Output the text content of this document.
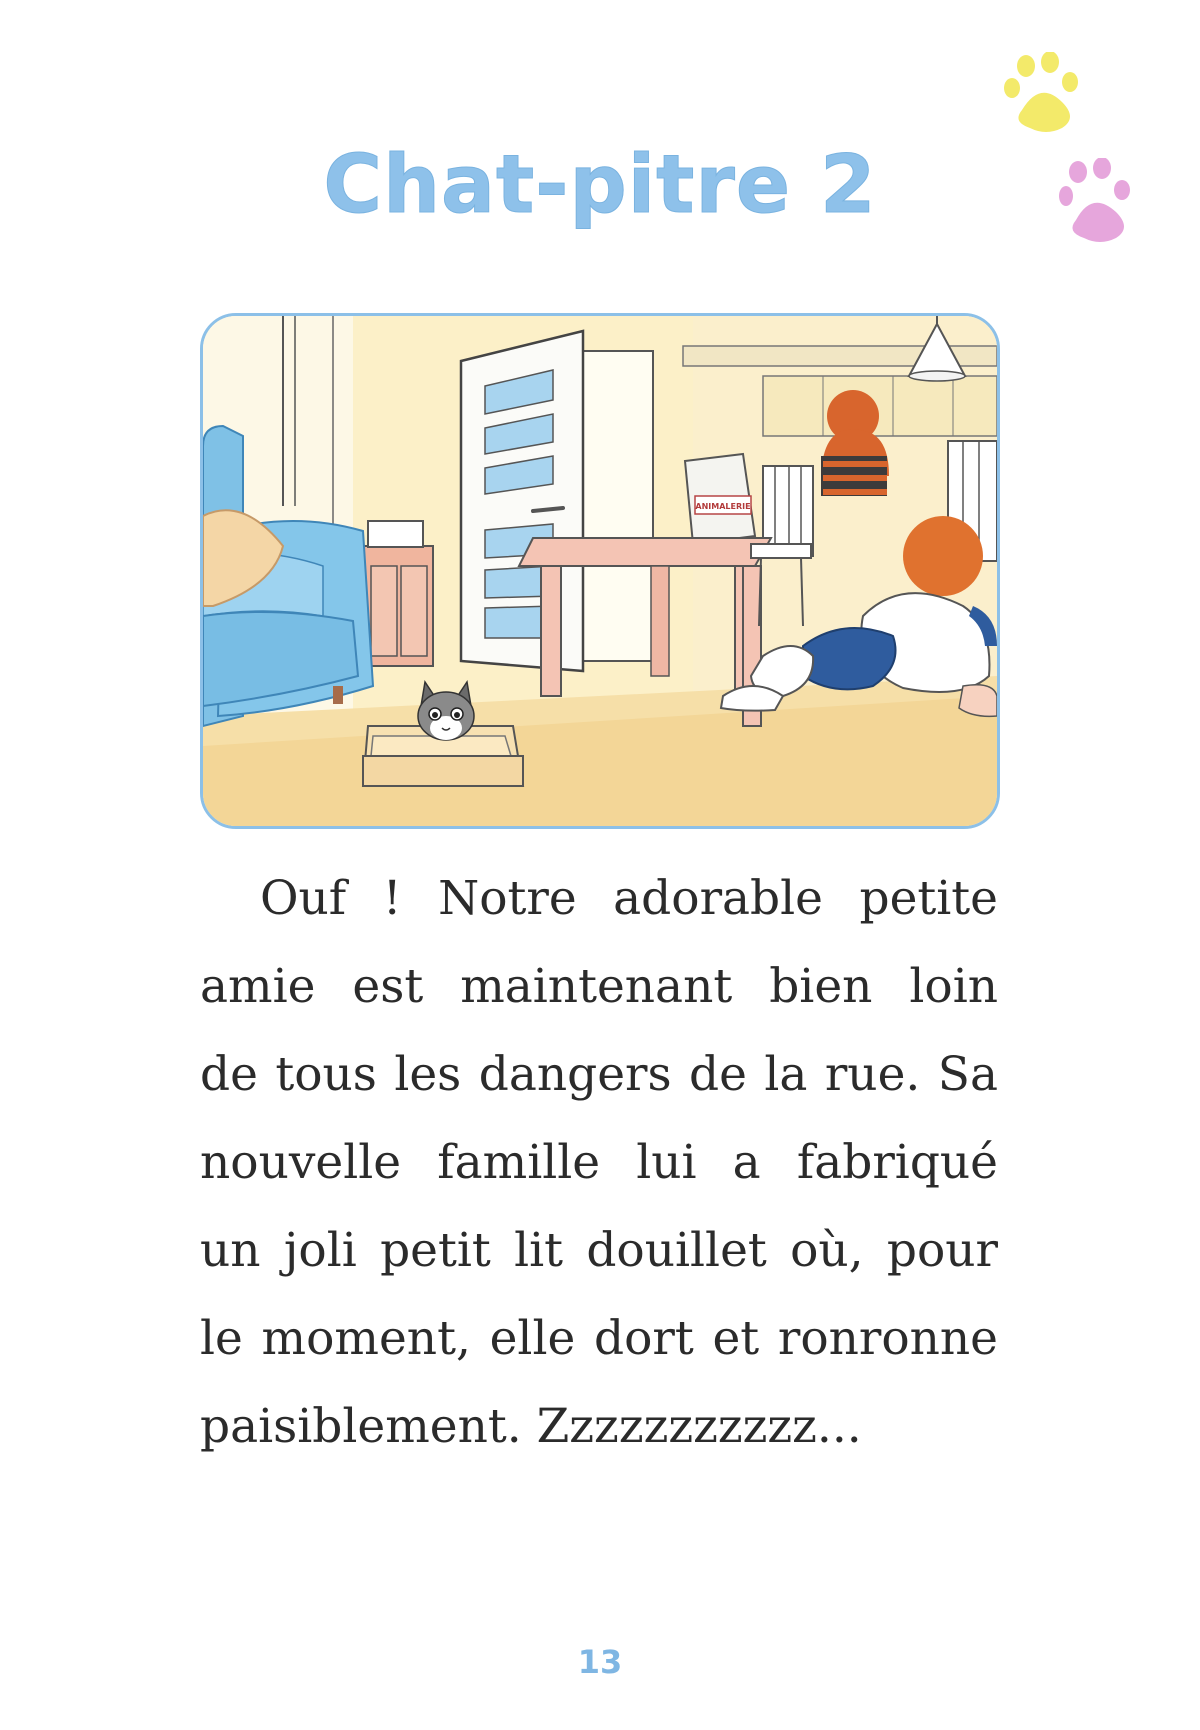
Chat-pitre 2
ANIMALERIE

Ouf ! Notre adorable petite
amie est maintenant bien loin
de tous les dangers de la rue. Sa
nouvelle famille lui a fabriqué
un joli petit lit douillet où, pour
le moment, elle dort et ronronne
paisiblement. Zzzzzzzzzzz...

13
